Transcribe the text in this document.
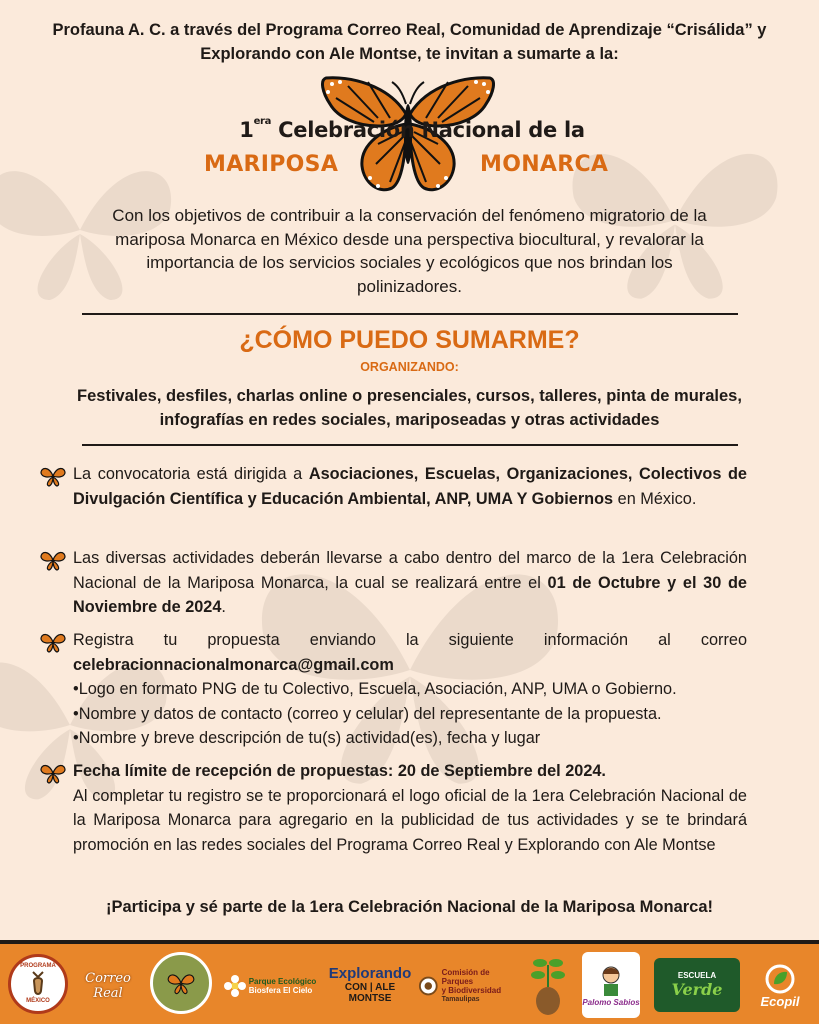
Profauna A. C. a través del Programa Correo Real, Comunidad de Aprendizaje “Crisálida” y Explorando con Ale Montse, te invitan a sumarte a la:
$1^{era}$ Celebración Nacional de la
MARIPOSA	MONARCA
Con los objetivos de contribuir a la conservación del fenómeno migratorio de la mariposa Monarca en México desde una perspectiva biocultural, y revalorar la importancia de los servicios sociales y ecológicos que nos brindan los polinizadores.
¿CÓMO PUEDO SUMARME?
ORGANIZANDO:
Festivales, desfiles, charlas online o presenciales, cursos, talleres, pinta de murales, infografías en redes sociales, mariposeadas y otras actividades
La convocatoria está dirigida a Asociaciones, Escuelas, Organizaciones, Colectivos de Divulgación Científica y Educación Ambiental, ANP, UMA Y Gobiernos en México.
Las diversas actividades deberán llevarse a cabo dentro del marco de la 1era Celebración Nacional de la Mariposa Monarca, la cual se realizará entre el 01 de Octubre y el 30 de Noviembre de 2024.
Registra tu propuesta enviando la siguiente información al correo celebracionnacionalmonarca@gmail.com
•Logo en formato PNG de tu Colectivo, Escuela, Asociación, ANP, UMA o Gobierno.
•Nombre y datos de contacto (correo y celular) del representante de la propuesta.
•Nombre y breve descripción de tu(s) actividad(es), fecha y lugar
Fecha límite de recepción de propuestas: 20 de Septiembre del 2024.
Al completar tu registro se te proporcionará el logo oficial de la 1era Celebración Nacional de la Mariposa Monarca para agregario en la publicidad de tus actividades y se te brindará promoción en las redes sociales del Programa Correo Real y Explorando con Ale Montse
¡Participa y sé parte de la 1era Celebración Nacional de la Mariposa Monarca!
PROGRAMA
MÉXICO
Correo Real
Parque Ecológico
Biosfera El Cielo
Explorando
CON | ALE MONTSE
Comisión de Parques
y Biodiversidad
Tamaulipas	Palomo Sabios
ESCUELA
Verde
Ecopil
